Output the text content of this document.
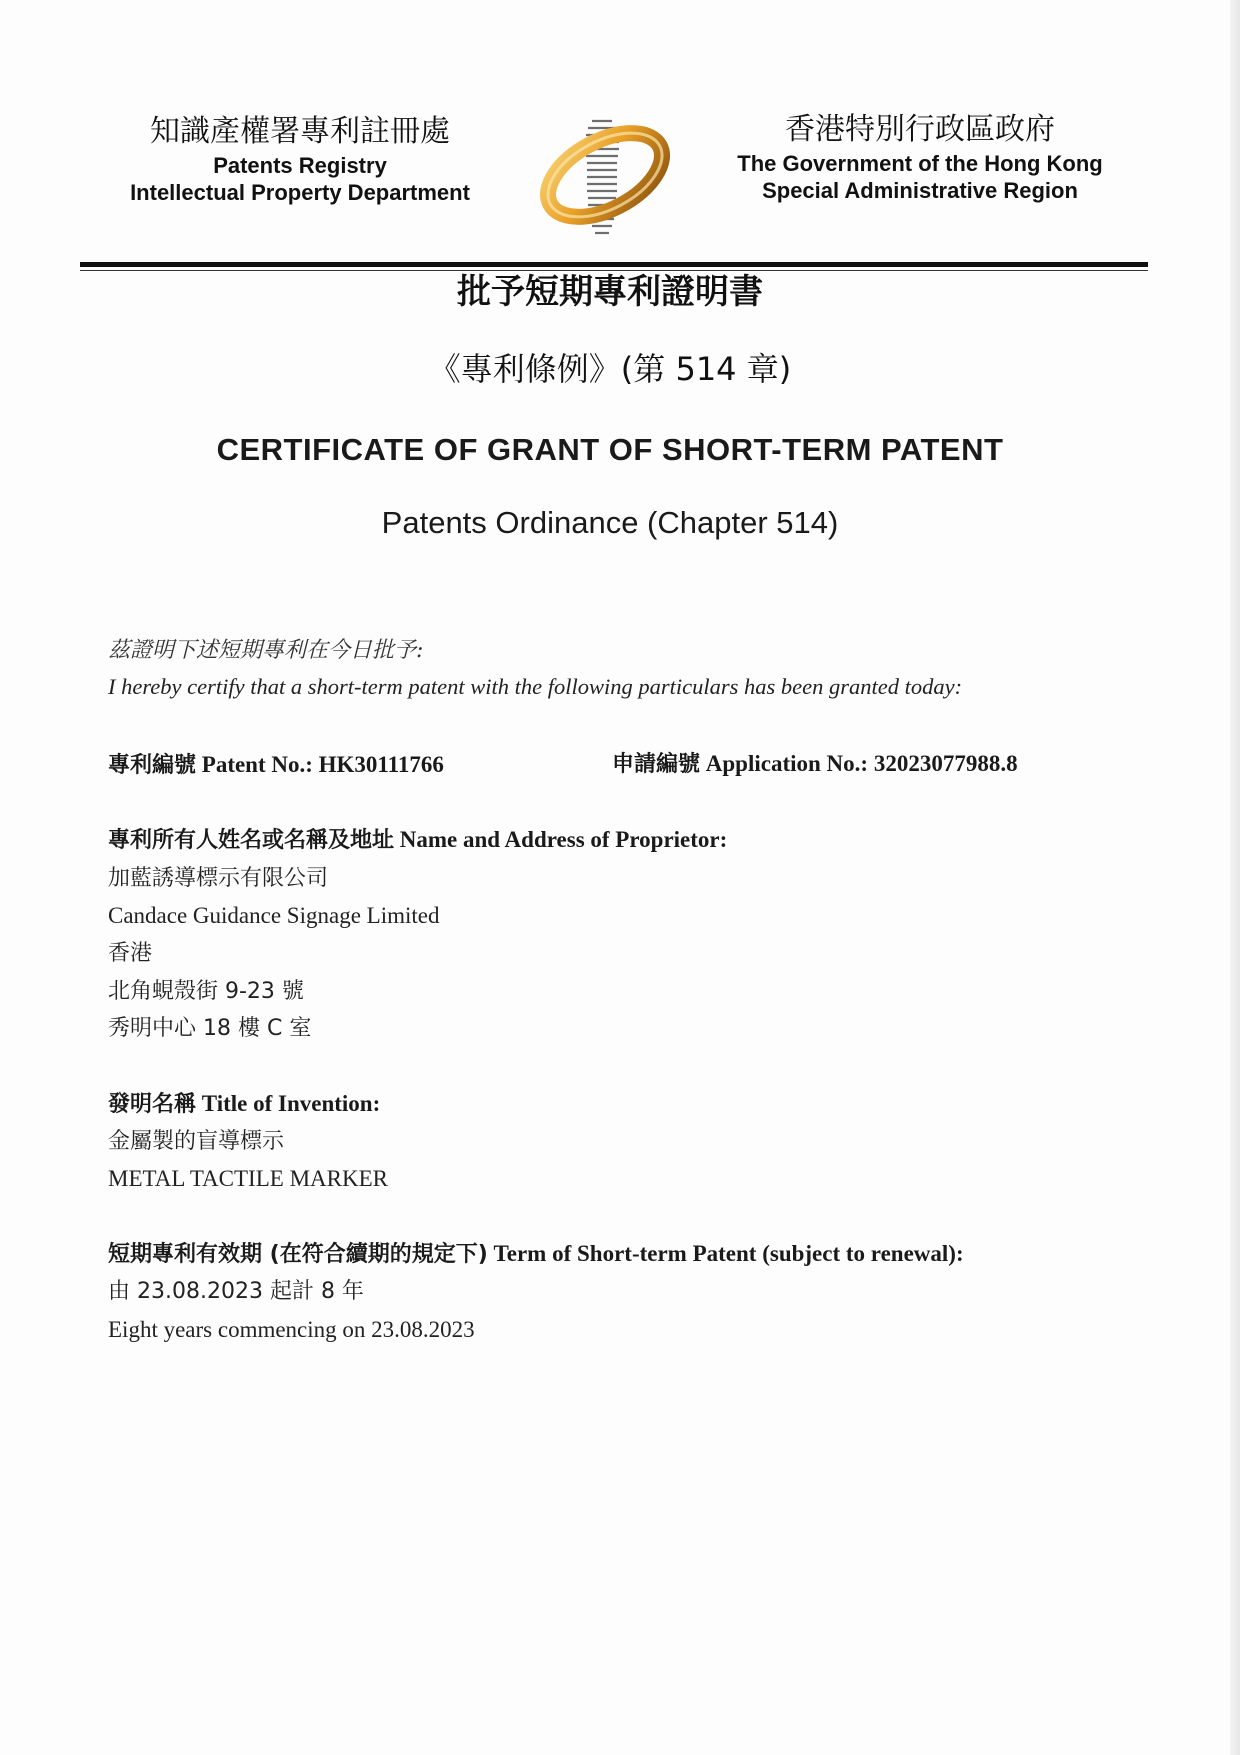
知識產權署專利註冊處
Patents Registry
Intellectual Property Department
香港特別行政區政府
The Government of the Hong Kong
Special Administrative Region
批予短期專利證明書
《專利條例》(第 514 章)
CERTIFICATE OF GRANT OF SHORT-TERM PATENT
Patents Ordinance (Chapter 514)
茲證明下述短期專利在今日批予:
I hereby certify that a short-term patent with the following particulars has been granted today:
專利編號 Patent No.: HK30111766	申請編號 Application No.: 32023077988.8
專利所有人姓名或名稱及地址 Name and Address of Proprietor:
加藍誘導標示有限公司
Candace Guidance Signage Limited
香港
北角蜆殼街 9-23 號
秀明中心 18 樓 C 室
發明名稱 Title of Invention:
金屬製的盲導標示
METAL TACTILE MARKER
短期專利有效期 (在符合續期的規定下) Term of Short-term Patent (subject to renewal):
由 23.08.2023 起計 8 年
Eight years commencing on 23.08.2023
